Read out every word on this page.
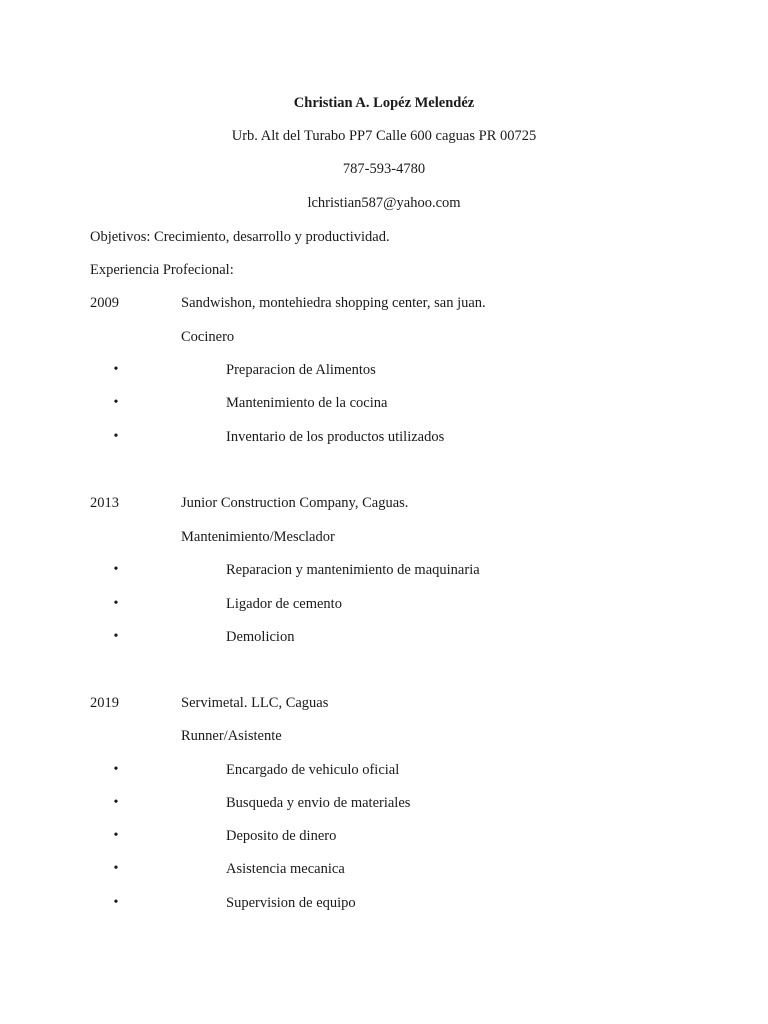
Christian A. Lopéz Melendéz
Urb. Alt del Turabo PP7 Calle 600 caguas PR 00725
787-593-4780
lchristian587@yahoo.com
Objetivos: Crecimiento, desarrollo y productividad.
Experiencia Profecional:
2009	Sandwishon, montehiedra shopping center, san juan.
Cocinero
•	Preparacion de Alimentos
•	Mantenimiento de la cocina
•	Inventario de los productos utilizados
2013	Junior Construction Company, Caguas.
Mantenimiento/Mesclador
•	Reparacion y mantenimiento de maquinaria
•	Ligador de cemento
•	Demolicion
2019	Servimetal. LLC, Caguas
Runner/Asistente
•	Encargado de vehiculo oficial
•	Busqueda y envio de materiales
•	Deposito de dinero
•	Asistencia mecanica
•	Supervision de equipo
